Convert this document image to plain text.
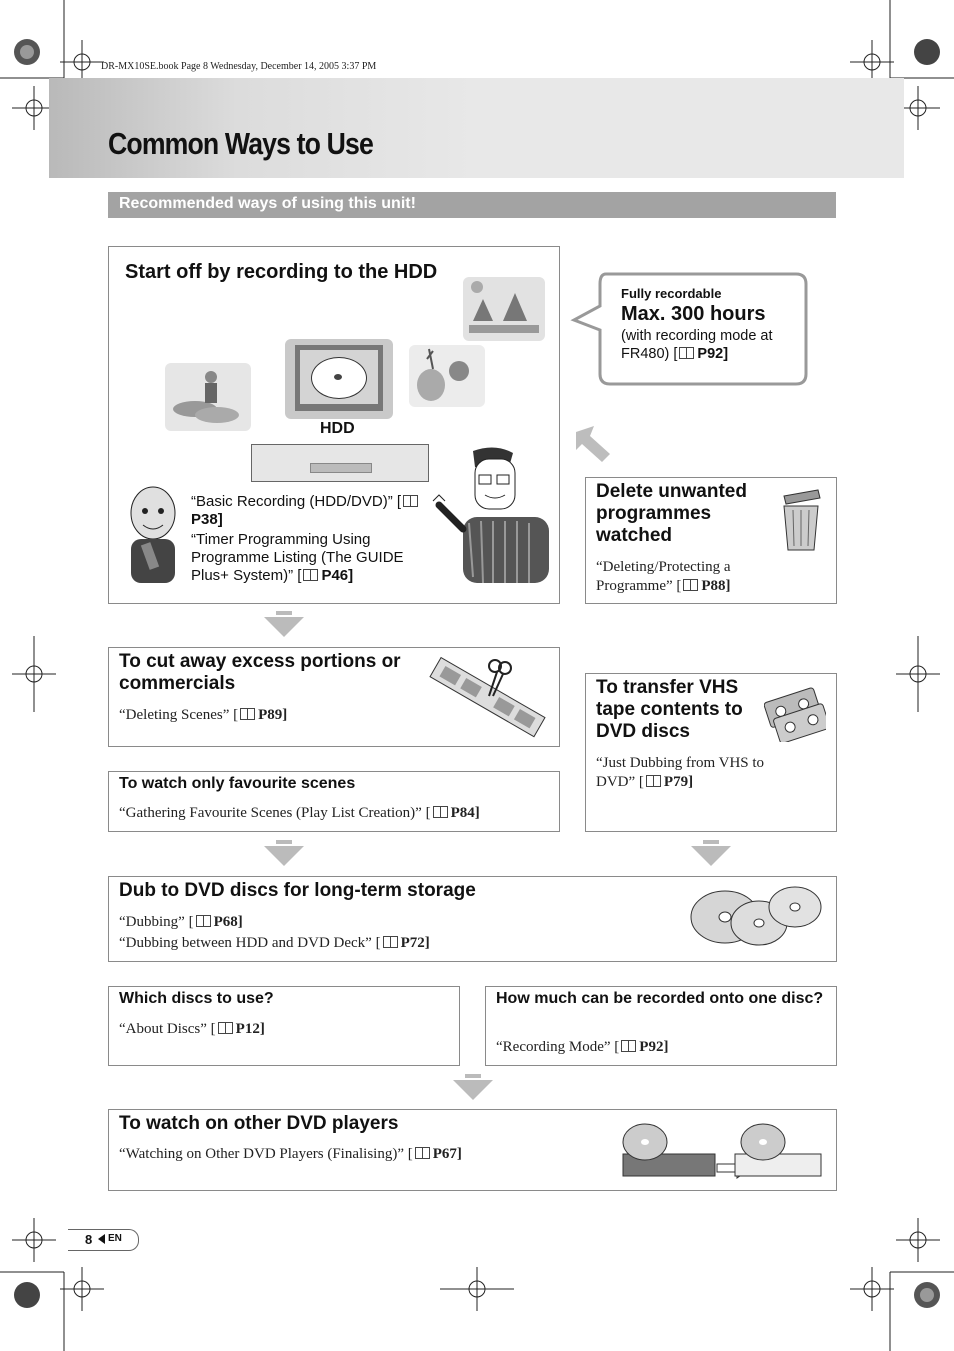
DR-MX10SE.book Page 8 Wednesday, December 14, 2005 3:37 PM
Common Ways to Use
Recommended ways of using this unit!
Start off by recording to the HDD
HDD
“Basic Recording (HDD/DVD)” [P38]
“Timer Programming Using Programme Listing (The GUIDE Plus+ System)” [ P46]
Fully recordable
Max. 300 hours
(with recording mode at FR480) [ P92]
Delete unwanted programmes watched
“Deleting/Protecting a Programme” [ P88]
To cut away excess portions or commercials
“Deleting Scenes” [ P89]
To watch only favourite scenes
“Gathering Favourite Scenes (Play List Creation)” [ P84]
To transfer VHS tape contents to DVD discs
“Just Dubbing from VHS to DVD” [ P79]
Dub to DVD discs for long-term storage
“Dubbing” [ P68]
“Dubbing between HDD and DVD Deck” [ P72]
Which discs to use?
“About Discs” [ P12]
How much can be recorded onto one disc?
“Recording Mode” [ P92]
To watch on other DVD players
“Watching on Other DVD Players (Finalising)” [ P67]
8 EN
